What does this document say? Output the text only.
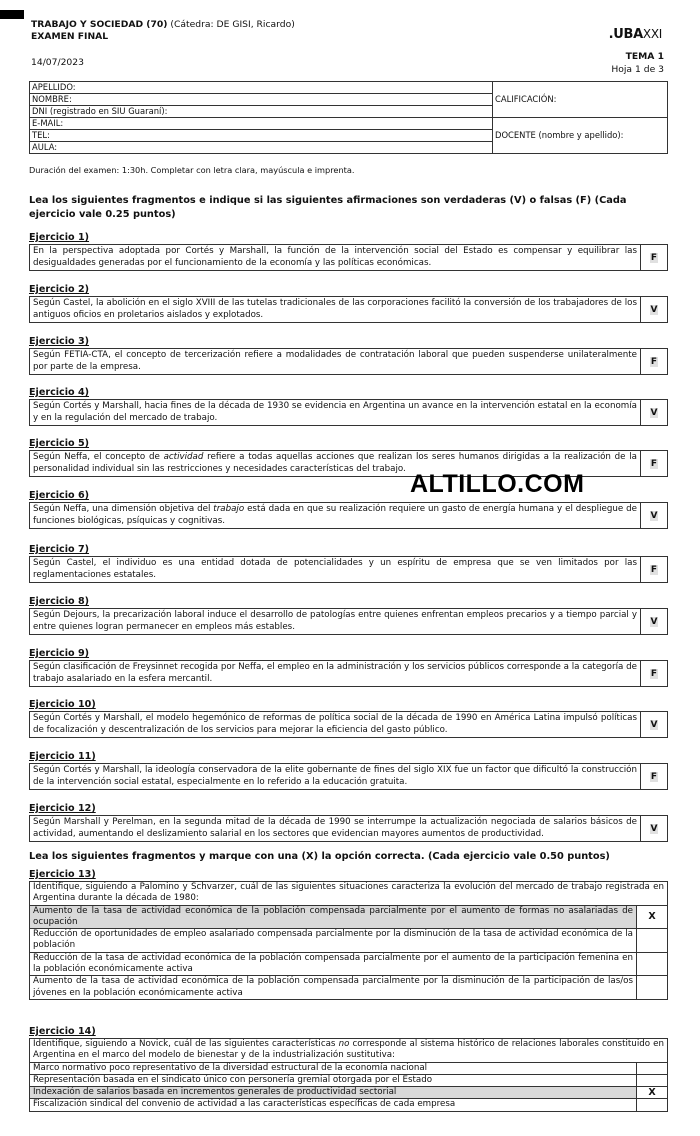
TRABAJO Y SOCIEDAD (70) (Cátedra: DE GISI, Ricardo)
EXAMEN FINAL
14/07/2023
.UBAXXI
TEMA 1
Hoja 1 de 3
APELLIDO:	CALIFICACIÓN:
NOMBRE:	
DNI (registrado en SIU Guaraní):	
E-MAIL:	DOCENTE (nombre y apellido):
TEL:	
AULA:	
Duración del examen: 1:30h. Completar con letra clara, mayúscula e imprenta.
Lea los siguientes fragmentos e indique si las siguientes afirmaciones son verdaderas (V) o falsas (F) (Cada ejercicio vale 0.25 puntos)
Ejercicio 1)
En la perspectiva adoptada por Cortés y Marshall, la función de la intervención social del Estado es compensar y equilibrar las desigualdades generadas por el funcionamiento de la economía y las políticas económicas.	F
Ejercicio 2)
Según Castel, la abolición en el siglo XVIII de las tutelas tradicionales de las corporaciones facilitó la conversión de los trabajadores de los antiguos oficios en proletarios aislados y explotados.	V
Ejercicio 3)
Según FETIA-CTA, el concepto de tercerización refiere a modalidades de contratación laboral que pueden suspenderse unilateralmente por parte de la empresa.	F
Ejercicio 4)
Según Cortés y Marshall, hacia fines de la década de 1930 se evidencia en Argentina un avance en la intervención estatal en la economía y en la regulación del mercado de trabajo.	V
Ejercicio 5)
Según Neffa, el concepto de actividad refiere a todas aquellas acciones que realizan los seres humanos dirigidas a la realización de la personalidad individual sin las restricciones y necesidades características del trabajo.	F
Ejercicio 6)
Según Neffa, una dimensión objetiva del trabajo está dada en que su realización requiere un gasto de energía humana y el despliegue de funciones biológicas, psíquicas y cognitivas.	V
Ejercicio 7)
Según Castel, el individuo es una entidad dotada de potencialidades y un espíritu de empresa que se ven limitados por las reglamentaciones estatales.	F
Ejercicio 8)
Según Dejours, la precarización laboral induce el desarrollo de patologías entre quienes enfrentan empleos precarios y a tiempo parcial y entre quienes logran permanecer en empleos más estables.	V
Ejercicio 9)
Según clasificación de Freysinnet recogida por Neffa, el empleo en la administración y los servicios públicos corresponde a la categoría de trabajo asalariado en la esfera mercantil.	F
Ejercicio 10)
Según Cortés y Marshall, el modelo hegemónico de reformas de política social de la década de 1990 en América Latina impulsó políticas de focalización y descentralización de los servicios para mejorar la eficiencia del gasto público.	V
Ejercicio 11)
Según Cortés y Marshall, la ideología conservadora de la elite gobernante de fines del siglo XIX fue un factor que dificultó la construcción de la intervención social estatal, especialmente en lo referido a la educación gratuita.	F
Ejercicio 12)
Según Marshall y Perelman, en la segunda mitad de la década de 1990 se interrumpe la actualización negociada de salarios básicos de actividad, aumentando el deslizamiento salarial en los sectores que evidencian mayores aumentos de productividad.	V
Lea los siguientes fragmentos y marque con una (X) la opción correcta. (Cada ejercicio vale 0.50 puntos)
Ejercicio 13)
Identifique, siguiendo a Palomino y Schvarzer, cuál de las siguientes situaciones caracteriza la evolución del mercado de trabajo registrada en Argentina durante la década de 1980:	
Aumento de la tasa de actividad económica de la población compensada parcialmente por el aumento de formas no asalariadas de ocupación	X
Reducción de oportunidades de empleo asalariado compensada parcialmente por la disminución de la tasa de actividad económica de la población	
Reducción de la tasa de actividad económica de la población compensada parcialmente por el aumento de la participación femenina en la población económicamente activa	
Aumento de la tasa de actividad económica de la población compensada parcialmente por la disminución de la participación de las/os jóvenes en la población económicamente activa	
Ejercicio 14)
Identifique, siguiendo a Novick, cuál de las siguientes características no corresponde al sistema histórico de relaciones laborales constituido en Argentina en el marco del modelo de bienestar y de la industrialización sustitutiva:	
Marco normativo poco representativo de la diversidad estructural de la economía nacional	
Representación basada en el sindicato único con personería gremial otorgada por el Estado	
Indexación de salarios basada en incrementos generales de productividad sectorial	X
Fiscalización sindical del convenio de actividad a las características específicas de cada empresa	
ALTILLO.COM
